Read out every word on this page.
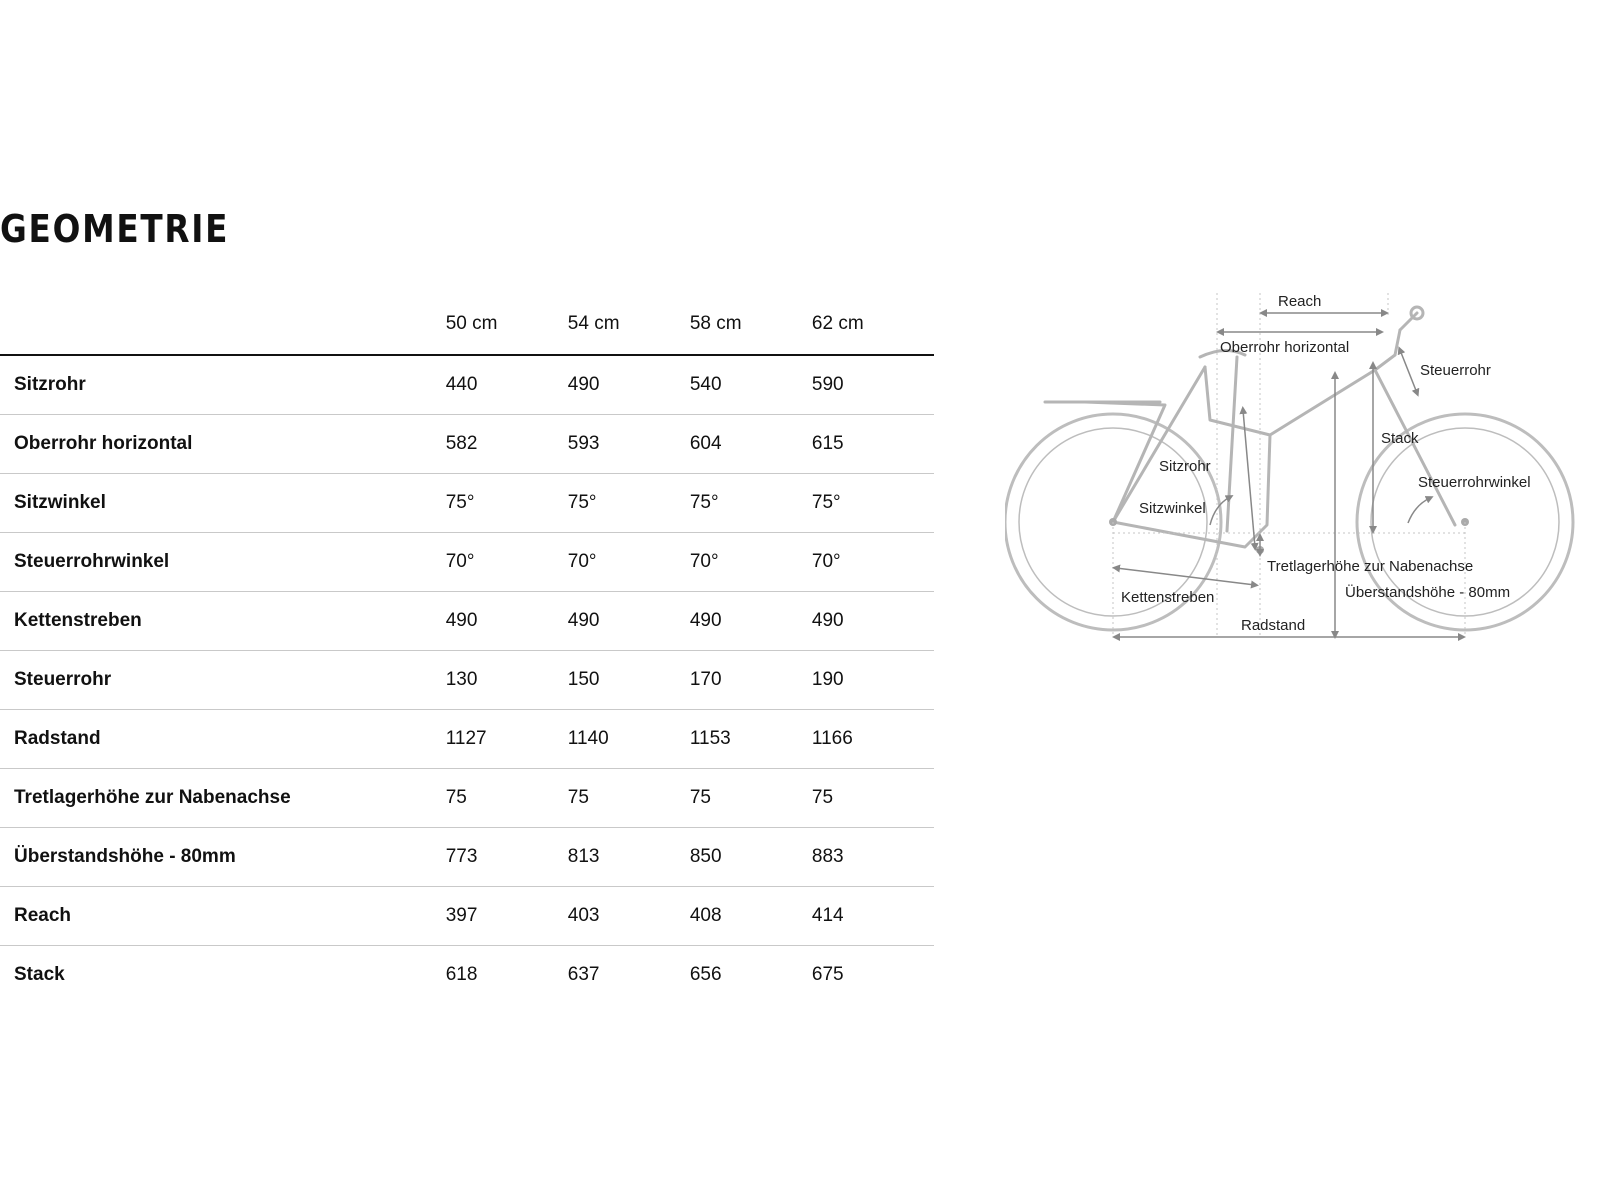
GEOMETRIE
	50 cm	54 cm	58 cm	62 cm
Sitzrohr	440	490	540	590
Oberrohr horizontal	582	593	604	615
Sitzwinkel	75°	75°	75°	75°
Steuerrohrwinkel	70°	70°	70°	70°
Kettenstreben	490	490	490	490
Steuerrohr	130	150	170	190
Radstand	1127	1140	1153	1166
Tretlagerhöhe zur Nabenachse	75	75	75	75
Überstandshöhe - 80mm	773	813	850	883
Reach	397	403	408	414
Stack	618	637	656	675
Reach
Oberrohr horizontal
Steuerrohr
Stack
Sitzrohr
Steuerrohrwinkel
Sitzwinkel
Tretlagerhöhe zur Nabenachse
Überstandshöhe - 80mm
Kettenstreben
Radstand
